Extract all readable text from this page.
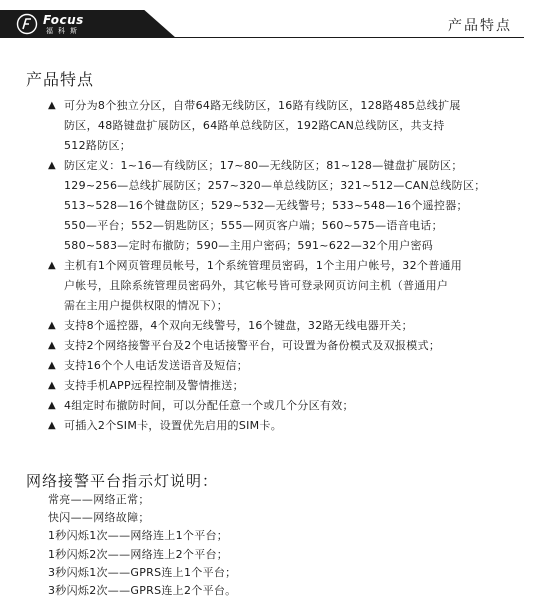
Focus
福科斯	产品特点
产品特点
▲ 可分为8个独立分区，自带64路无线防区，16路有线防区，128路485总线扩展
防区，48路键盘扩展防区，64路单总线防区，192路CAN总线防区，共支持
512路防区；
▲ 防区定义：1~16—有线防区；17~80—无线防区；81~128—键盘扩展防区；
129~256—总线扩展防区；257~320—单总线防区；321~512—CAN总线防区；
513~528—16个键盘防区；529~532—无线警号；533~548—16个遥控器；
550—平台；552—钥匙防区；555—网页客户端；560~575—语音电话；
580~583—定时布撤防；590—主用户密码；591~622—32个用户密码
▲ 主机有1个网页管理员帐号，1个系统管理员密码，1个主用户帐号，32个普通用
户帐号，且除系统管理员密码外，其它帐号皆可登录网页访问主机（普通用户
需在主用户提供权限的情况下）；
▲ 支持8个遥控器，4个双向无线警号，16个键盘，32路无线电器开关；
▲ 支持2个网络接警平台及2个电话接警平台，可设置为备份模式及双报模式；
▲ 支持16个个人电话发送语音及短信；
▲ 支持手机APP远程控制及警情推送；
▲ 4组定时布撤防时间，可以分配任意一个或几个分区有效；
▲ 可插入2个SIM卡，设置优先启用的SIM卡。
网络接警平台指示灯说明：
常亮——网络正常；
快闪——网络故障；
1秒闪烁1次——网络连上1个平台；
1秒闪烁2次——网络连上2个平台；
3秒闪烁1次——GPRS连上1个平台；
3秒闪烁2次——GPRS连上2个平台。
